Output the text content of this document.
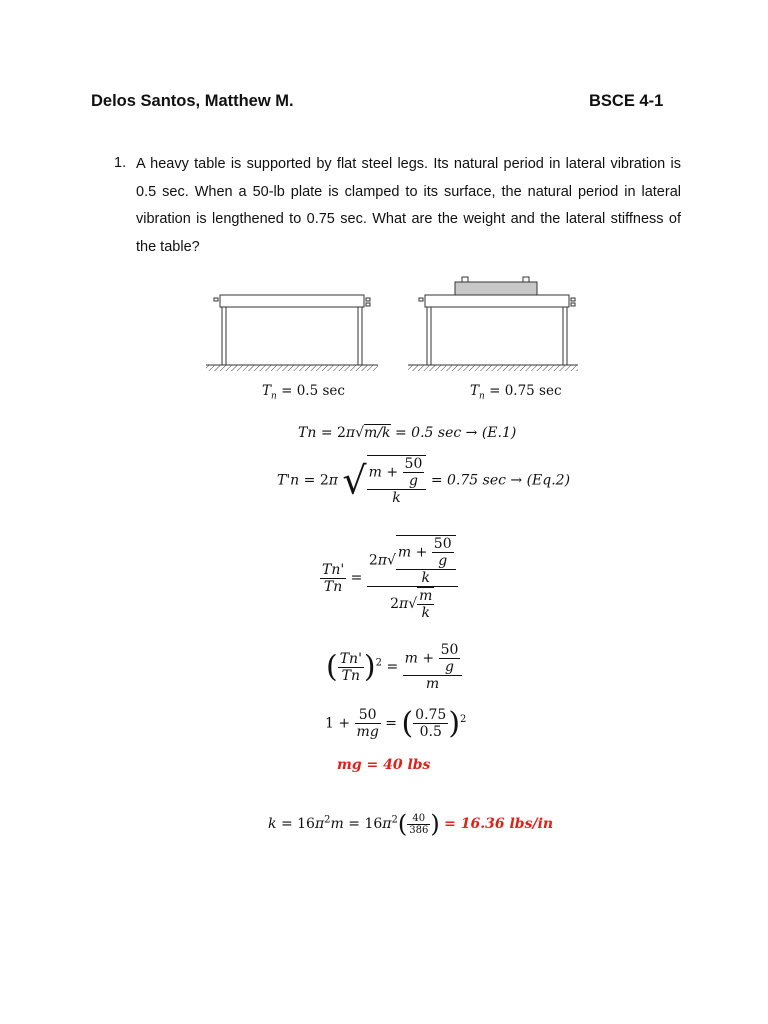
Delos Santos, Matthew M.	BSCE 4-1
1. A heavy table is supported by flat steel legs. Its natural period in lateral vibration is 0.5 sec. When a 50-lb plate is clamped to its surface, the natural period in lateral vibration is lengthened to 0.75 sec. What are the weight and the lateral stiffness of the table?
$T_n = 0.5$ sec	$T_n = 0.75$ sec
Tn = 2π√m/k = 0.5 sec → (E.1)
T'n = 2π √ $\frac{m + \frac{50}{g}}{k} = 0.75$ sec → (Eq.2)
$\frac{Tn'}{Tn} = \frac{2\pi√ \frac{m + \frac{50}{g}}{k}}{2\pi√ \frac{m}{k}}$
( $\frac{Tn'}{Tn} )^2 = \frac{m + \frac{50}{g}}{m}$
$1 + \frac{50}{mg}$ = ( $\frac{0.75}{0.5} )^2$
mg = 40 lbs
$k = 16\pi^2m = 16\pi^2( \frac{40}{386}$ ) = 16.36 lbs/in
